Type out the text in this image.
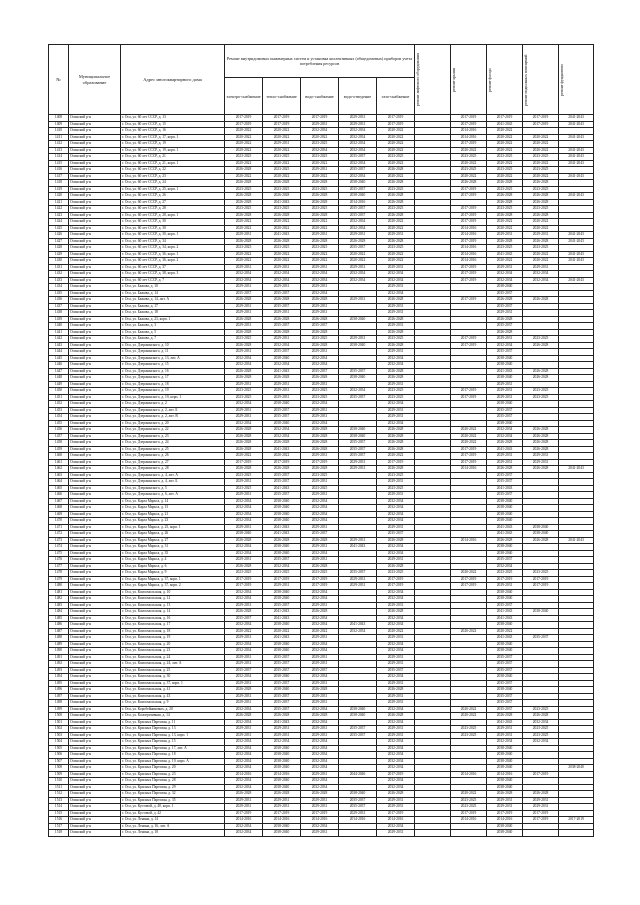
№	Муниципальное образование	Адрес многоквартирного дома	Ремонт внутридомовых инженерных систем и установка коллективных (общедомовых) приборов учета потребления ресурсов					ремонт лифтового оборудования	ремонт крыши	ремонт фасада	ремонт подвальных помещений	ремонт фундамента

			электро-снабжение	тепло-снабжение	водо-снабжение	водо-отведение	газо-снабжение					
1408	Осинский р-н	г. Оса, ул. 60 лет СССР, д. 13	2017-2019	2017-2019	2017-2019	2029-2031	2017-2019		2017-2019	2017-2019	2017-2019	2041-2043
1409	Осинский р-н	г. Оса, ул. 60 лет СССР, д. 15	2017-2019	2017-2019	2029-2031	2029-2031	2017-2019		2017-2019	2041-2043	2017-2019	2041-2043
1410	Осинский р-н	г. Оса, ул. 60 лет СССР, д. 16	2020-2022	2020-2022	2032-2034	2032-2034	2020-2022		2014-2016	2020-2022		
1411	Осинский р-н	г. Оса, ул. 60 лет СССР, д. 17, корп. 1	2020-2022	2020-2022	2020-2022	2032-2034	2020-2022		2014-2016	2020-2022	2020-2022	2041-2043
1412	Осинский р-н	г. Оса, ул. 60 лет СССР, д. 19	2020-2022	2029-2031	2023-2025	2032-2034	2020-2022		2017-2019	2020-2022	2020-2022	
1413	Осинский р-н	г. Оса, ул. 60 лет СССР, д. 19, корп. 1	2020-2022	2020-2022	2032-2034	2032-2034	2020-2022		2020-2022	2020-2022	2020-2022	2041-2043
1414	Осинский р-н	г. Оса, ул. 60 лет СССР, д. 21	2023-2025	2023-2025	2023-2025	2035-2037	2023-2025		2023-2025	2023-2025	2023-2025	2041-2043
1415	Осинский р-н	г. Оса, ул. 60 лет СССР, д. 21, корп. 1	2020-2022	2020-2022	2020-2022	2032-2034	2020-2022		2020-2022	2020-2022	2020-2022	2041-2043
1416	Осинский р-н	г. Оса, ул. 60 лет СССР, д. 22	2026-2028	2023-2025	2029-2031	2035-2037	2026-2028		2023-2025	2023-2025	2023-2025	
1417	Осинский р-н	г. Оса, ул. 60 лет СССР, д. 23	2020-2022	2020-2022	2020-2022	2032-2034	2020-2022		2020-2022	2020-2022	2020-2022	2041-2043
1418	Осинский р-н	г. Оса, ул. 60 лет СССР, д. 24	2026-2028	2026-2028	2026-2028	2038-2040	2026-2028		2026-2028	2026-2028	2026-2028	
1419	Осинский р-н	г. Оса, ул. 60 лет СССР, д. 25, корп. 1	2023-2025	2023-2025	2023-2025	2035-2037	2023-2025		2017-2019	2023-2025	2023-2025	
1420	Осинский р-н	г. Оса, ул. 60 лет СССР, д. 26	2026-2028	2026-2028	2026-2028	2038-2040	2026-2028		2017-2019	2026-2028	2026-2028	2041-2043
1421	Осинский р-н	г. Оса, ул. 60 лет СССР, д. 27	2026-2028	2041-2043	2026-2028	2014-2016	2026-2028			2026-2028	2026-2028	
1422	Осинский р-н	г. Оса, ул. 60 лет СССР, д. 28	2023-2025	2023-2025	2023-2025	2035-2037	2023-2025		2017-2019	2023-2025	2023-2025	
1423	Осинский р-н	г. Оса, ул. 60 лет СССР, д. 28, корп. 1	2026-2028	2026-2028	2026-2028	2035-2037	2026-2028		2017-2019	2026-2028	2026-2028	
1424	Осинский р-н	г. Оса, ул. 60 лет СССР, д. 30	2020-2022	2020-2022	2020-2022	2032-2034	2020-2022		2017-2019	2020-2022	2020-2022	
1425	Осинский р-н	г. Оса, ул. 60 лет СССР, д. 30	2020-2022	2020-2022	2020-2022	2032-2034	2020-2022		2014-2016	2020-2022	2020-2022	
1426	Осинский р-н	г. Оса, ул. 60 лет СССР, д. 30, корп. 1	2029-2031	2041-2043	2029-2031	2029-2031	2029-2031		2014-2016	2029-2031	2029-2031	2041-2043
1427	Осинский р-н	г. Оса, ул. 60 лет СССР, д. 34	2026-2028	2026-2028	2026-2028	2026-2028	2026-2028		2017-2019	2026-2028	2026-2028	2041-2043
1428	Осинский р-н	г. Оса, ул. 60 лет СССР, д. 34, корп. 2	2023-2025	2023-2025	2023-2025	2035-2037	2023-2025		2014-2016	2023-2025	2023-2025	
1429	Осинский р-н	г. Оса, ул. 60 лет СССР, д. 36, корп. 1	2020-2022	2020-2022	2020-2022	2020-2022	2020-2022		2014-2016	2041-2043	2020-2022	2041-2043
1430	Осинский р-н	г. Оса, ул. 60 лет СССР, д. 36, корп. 2	2020-2022	2020-2022	2020-2022	2020-2022	2020-2022		2014-2016	2020-2022	2020-2022	2041-2043
1431	Осинский р-н	г. Оса, ул. 60 лет СССР, д. 37	2029-2031	2029-2031	2029-2031	2029-2031	2029-2031		2017-2019	2029-2031	2029-2031	
1432	Осинский р-н	г. Оса, ул. 60 лет СССР, д. 38, корп. 3	2032-2034	2032-2034	2032-2034	2032-2034	2032-2034		2017-2019	2032-2034	2032-2034	
1433	Осинский р-н	г. Оса, ул. 60 лет СССР, д. 7	2032-2034	2032-2034	2032-2034	2032-2034	2032-2034		2017-2019	2032-2034	2032-2034	2041-2043
1434	Осинский р-н	г. Оса, ул. Бажова, д. 10	2029-2031	2029-2031	2029-2031		2029-2031			2038-2040		
1435	Осинский р-н	г. Оса, ул. Бажова, д. 14	2035-2037	2035-2037	2032-2034		2032-2034			2035-2037		
1436	Осинский р-н	г. Оса, ул. Бажова, д. 14, лит. А	2026-2028	2026-2028	2026-2028	2029-2031	2026-2028		2017-2019	2026-2028	2026-2028	
1437	Осинский р-н	г. Оса, ул. Бажова, д. 17	2029-2031	2035-2037	2029-2031		2029-2031			2035-2037		
1438	Осинский р-н	г. Оса, ул. Бажова, д. 18	2029-2031	2029-2031	2029-2031		2029-2031			2029-2031		
1439	Осинский р-н	г. Оса, ул. Бажова, д. 23, корп. 1	2026-2028	2026-2028	2026-2028	2038-2040	2026-2028			2026-2028		
1440	Осинский р-н	г. Оса, ул. Бажова, д. 3	2029-2031	2035-2037	2035-2037		2029-2031			2035-2037		
1441	Осинский р-н	г. Оса, ул. Бажова, д. 5	2026-2028	2026-2028	2026-2028		2026-2028			2026-2028		
1442	Осинский р-н	г. Оса, ул. Бажова, д. 7	2023-2025	2029-2031	2023-2025	2029-2031	2023-2025		2017-2019	2029-2031	2023-2025	
1443	Осинский р-н	г. Оса, ул. Дзержинского, д. 10	2026-2028	2032-2034	2026-2028	2038-2040	2026-2028		2017-2019	2032-2034	2026-2028	
1444	Осинский р-н	г. Оса, ул. Дзержинского, д. 11	2029-2031	2035-2037	2029-2031		2029-2031			2035-2037		
1445	Осинский р-н	г. Оса, ул. Дзержинского, д. 13, лит. А	2032-2034	2038-2040	2032-2034		2032-2034			2038-2040		
1446	Осинский р-н	г. Оса, ул. Дзержинского, д. 15	2032-2034	2032-2034	2032-2034		2032-2034			2038-2040		
1447	Осинский р-н	г. Оса, ул. Дзержинского, д. 16	2026-2028	2041-2043	2035-2037	2035-2037	2026-2028			2041-2043	2026-2028	
1448	Осинский р-н	г. Оса, ул. Дзержинского, д. 17	2026-2028	2026-2028	2026-2028	2038-2040	2026-2028			2038-2040	2026-2028	
1449	Осинский р-н	г. Оса, ул. Дзержинского, д. 18	2029-2031	2029-2031	2029-2031		2029-2031			2029-2031		
1450	Осинский р-н	г. Оса, ул. Дзержинского, д. 19	2023-2025	2029-2031	2023-2025	2032-2034	2023-2025		2017-2019	2029-2031	2023-2025	
1451	Осинский р-н	г. Оса, ул. Дзержинского, д. 19, корп. 1	2023-2025	2029-2031	2023-2025	2035-2037	2023-2025		2017-2019	2029-2031	2023-2025	
1452	Осинский р-н	г. Оса, ул. Дзержинского, д. 2	2032-2034	2038-2040	2032-2034		2032-2034			2038-2040		
1453	Осинский р-н	г. Оса, ул. Дзержинского, д. 2, лит. Б	2029-2031	2035-2037	2029-2031		2029-2031			2035-2037		
1454	Осинский р-н	г. Оса, ул. Дзержинского, д. 2, лит. В	2029-2031	2035-2037	2029-2031		2029-2031			2035-2037		
1455	Осинский р-н	г. Оса, ул. Дзержинского, д. 20	2032-2034	2038-2040	2032-2034		2032-2034			2038-2040		
1456	Осинский р-н	г. Оса, ул. Дзержинского, д. 22	2026-2028	2032-2034	2026-2028	2038-2040	2026-2028		2020-2022	2032-2034	2026-2028	
1457	Осинский р-н	г. Оса, ул. Дзержинского, д. 23	2026-2028	2032-2034	2026-2028	2038-2040	2026-2028		2020-2022	2032-2034	2026-2028	
1458	Осинский р-н	г. Оса, ул. Дзержинского, д. 24	2026-2028	2026-2028	2026-2028	2035-2037	2026-2028		2020-2022	2026-2028	2026-2028	
1459	Осинский р-н	г. Оса, ул. Дзержинского, д. 25	2026-2028	2041-2043	2026-2028	2035-2037	2026-2028		2017-2019	2041-2043	2026-2028	
1460	Осинский р-н	г. Оса, ул. Дзержинского, д. 26	2020-2022	2020-2022	2029-2031	2035-2037	2020-2022		2017-2019	2029-2031	2029-2031	
1461	Осинский р-н	г. Оса, ул. Дзержинского, д. 27	2017-2019	2017-2019	2017-2019	2029-2031	2017-2019		2017-2019	2029-2031	2029-2031	
1462	Осинский р-н	г. Оса, ул. Дзержинского, д. 28	2026-2028	2026-2028	2026-2028	2029-2031	2026-2028		2014-2016	2026-2028	2026-2028	2041-2043
1463	Осинский р-н	г. Оса, ул. Дзержинского, д. 4, лит. А	2023-2025	2035-2037	2023-2025		2023-2025			2035-2037		
1464	Осинский р-н	г. Оса, ул. Дзержинского, д. 4, лит. Б	2029-2031	2035-2037	2029-2031		2029-2031			2035-2037		
1465	Осинский р-н	г. Оса, ул. Дзержинского, д. 5	2023-2025	2041-2043	2023-2025		2023-2025			2041-2043		
1466	Осинский р-н	г. Оса, ул. Дзержинского, д. 6, лит. А	2029-2031	2035-2037	2029-2031		2029-2031			2035-2037		
1467	Осинский р-н	г. Оса, ул. Карла Маркса, д. 14	2032-2034	2038-2040	2032-2034		2032-2034			2038-2040		
1468	Осинский р-н	г. Оса, ул. Карла Маркса, д. 15	2032-2034	2038-2040	2032-2034		2032-2034			2038-2040		
1469	Осинский р-н	г. Оса, ул. Карла Маркса, д. 21	2032-2034	2038-2040	2032-2034		2032-2034			2038-2040		
1470	Осинский р-н	г. Оса, ул. Карла Маркса, д. 23	2032-2034	2038-2040	2032-2034		2032-2034			2038-2040		
1471	Осинский р-н	г. Оса, ул. Карла Маркса, д. 25, корп. 1	2029-2031	2041-2043	2029-2031		2029-2031			2041-2043	2038-2040	
1472	Осинский р-н	г. Оса, ул. Карла Маркса, д. 26	2038-2040	2041-2043	2035-2037		2035-2037			2041-2043	2038-2040	
1473	Осинский р-н	г. Оса, ул. Карла Маркса, д. 27	2026-2028	2026-2028	2026-2028	2029-2031	2026-2028		2014-2016	2026-2028	2026-2028	2041-2043
1474	Осинский р-н	г. Оса, ул. Карла Маркса, д. 31	2032-2034	2038-2040	2029-2031	2041-2043	2032-2034			2038-2040		
1475	Осинский р-н	г. Оса, ул. Карла Маркса, д. 35	2032-2034	2038-2040	2032-2034		2032-2034			2038-2040		
1476	Осинский р-н	г. Оса, ул. Карла Маркса, д. 4	2029-2031	2035-2037	2029-2031		2029-2031			2035-2037		
1477	Осинский р-н	г. Оса, ул. Карла Маркса, д. 6	2026-2028	2032-2034	2026-2028		2026-2028			2032-2034		
1478	Осинский р-н	г. Оса, ул. Карла Маркса, д. 9	2023-2025	2023-2025	2023-2025	2035-2037	2023-2025		2020-2022	2023-2025	2023-2025	
1479	Осинский р-н	г. Оса, ул. Карла Маркса, д. 37, корп. 1	2017-2019	2017-2019	2017-2019	2029-2031	2017-2019		2017-2019	2017-2019	2017-2019	
1480	Осинский р-н	г. Оса, ул. Карла Маркса, д. 37, корп. 2	2017-2019	2029-2031	2017-2019	2029-2031	2017-2019		2017-2019	2029-2031	2017-2019	
1481	Осинский р-н	г. Оса, ул. Комсомольская, д. 10	2032-2034	2038-2040	2032-2034		2032-2034			2038-2040		
1482	Осинский р-н	г. Оса, ул. Комсомольская, д. 12	2032-2034	2038-2040	2032-2034		2032-2034			2038-2040		
1483	Осинский р-н	г. Оса, ул. Комсомольская, д. 13	2029-2031	2035-2037	2029-2031		2029-2031			2035-2037		
1484	Осинский р-н	г. Оса, ул. Комсомольская, д. 14	2026-2028	2041-2043	2026-2028		2026-2028			2041-2043	2038-2040	
1485	Осинский р-н	г. Оса, ул. Комсомольская, д. 16	2035-2037	2041-2043	2032-2034		2032-2034			2041-2043		
1486	Осинский р-н	г. Оса, ул. Комсомольская, д. 17	2032-2034	2038-2040	2032-2034	2041-2043	2032-2034			2038-2040		
1487	Осинский р-н	г. Оса, ул. Комсомольская, д. 18	2020-2022	2020-2022	2020-2022	2032-2034	2020-2022		2020-2022	2020-2022		
1488	Осинский р-н	г. Оса, ул. Комсомольская, д. 19	2029-2031	2041-2043	2029-2031		2029-2031			2041-2043	2035-2037	
1489	Осинский р-н	г. Оса, ул. Комсомольская, д. 20	2032-2034	2038-2040	2032-2034		2032-2034			2038-2040		
1490	Осинский р-н	г. Оса, ул. Комсомольская, д. 23	2032-2034	2038-2040	2032-2034		2032-2034			2038-2040		
1491	Осинский р-н	г. Оса, ул. Комсомольская, д. 24	2029-2031	2035-2037	2029-2031		2029-2031			2035-2037		
1492	Осинский р-н	г. Оса, ул. Комсомольская, д. 24, лит. А	2029-2031	2035-2037	2029-2031		2029-2031			2035-2037		
1493	Осинский р-н	г. Оса, ул. Комсомольская, д. 25	2035-2037	2035-2037	2035-2037		2035-2037			2035-2037		
1494	Осинский р-н	г. Оса, ул. Комсомольская, д. 30	2032-2034	2038-2040	2032-2034		2032-2034			2038-2040		
1495	Осинский р-н	г. Оса, ул. Комсомольская, д. 37, корп. 1	2029-2031	2035-2037	2029-2031		2029-2031			2035-2037		
1496	Осинский р-н	г. Оса, ул. Комсомольская, д. 41	2026-2028	2038-2040	2026-2028		2026-2028			2038-2040		
1497	Осинский р-н	г. Оса, ул. Комсомольская, д. 43	2029-2031	2035-2037	2029-2031		2029-2031			2035-2037		
1498	Осинский р-н	г. Оса, ул. Комсомольская, д. 9	2029-2031	2035-2037	2029-2031		2029-2031			2035-2037		
1499	Осинский р-н	г. Оса, ул. Коробейниковых, д. 20	2032-2034	2035-2037	2032-2034	2038-2040	2032-2034		2020-2022	2035-2037	2023-2025	
1500	Осинский р-н	г. Оса, ул. Кооперативная, д. 14	2026-2028	2026-2028	2026-2028	2038-2040	2026-2028		2020-2022	2026-2028	2026-2028	
1501	Осинский р-н	г. Оса, ул. Красных Партизан, д. 11	2032-2034	2041-2043	2032-2034		2032-2034			2041-2043	2032-2034	
1502	Осинский р-н	г. Оса, ул. Красных Партизан, д. 13	2029-2031	2029-2031	2029-2031	2035-2037	2029-2031		2023-2025	2029-2031	2023-2025	
1503	Осинский р-н	г. Оса, ул. Красных Партизан, д. 13, корп. 1	2029-2031	2029-2031	2029-2031	2035-2037	2029-2031		2023-2025	2029-2031	2023-2025	
1504	Осинский р-н	г. Оса, ул. Красных Партизан, д. 15	2032-2034	2032-2034	2032-2034		2032-2034			2032-2034	2032-2034	
1505	Осинский р-н	г. Оса, ул. Красных Партизан, д. 17, лит. А	2032-2034	2038-2040	2032-2034		2032-2034			2038-2040		
1506	Осинский р-н	г. Оса, ул. Красных Партизан, д. 18	2032-2034	2038-2040	2032-2034		2032-2034			2038-2040		
1507	Осинский р-н	г. Оса, ул. Красных Партизан, д. 19, корп. А	2032-2034	2038-2040	2032-2034		2032-2034			2038-2040		
1508	Осинский р-н	г. Оса, ул. Красных Партизан, д. 20	2032-2034	2038-2040	2032-2034		2032-2034			2038-2040		2038-2040
1509	Осинский р-н	г. Оса, ул. Красных Партизан, д. 23	2014-2016	2014-2016	2029-2031	2044-2046	2017-2019		2014-2016	2014-2016	2017-2019	
1510	Осинский р-н	г. Оса, ул. Красных Партизан, д. 28	2032-2034	2038-2040	2032-2034		2032-2034			2038-2040		
1511	Осинский р-н	г. Оса, ул. Красных Партизан, д. 29	2032-2034	2038-2040	2032-2034		2032-2034			2038-2040		
1512	Осинский р-н	г. Оса, ул. Красных Партизан, д. 32	2026-2028	2026-2028	2026-2028	2038-2040	2026-2028		2020-2022	2026-2028	2026-2028	
1513	Осинский р-н	г. Оса, ул. Красных Партизан, д. 35	2029-2031	2029-2031	2029-2031	2035-2037	2029-2031		2023-2025	2029-2031	2029-2031	
1514	Осинский р-н	г. Оса, ул. Кустовой, д. 40, корп. 1	2029-2031	2029-2031	2029-2031	2035-2037	2029-2031		2023-2025	2029-2031	2029-2031	
1515	Осинский р-н	г. Оса, ул. Кустовой, д. 42	2017-2019	2017-2019	2017-2019	2029-2031	2017-2019		2017-2019	2017-2019	2017-2019	
1516	Осинский р-н	г. Оса, ул. Ленина, д. 14	2014-2016	2014-2016	2014-2016	2014-2016	2014-2016		2014-2016	2014-2016	2017-2019	2017-2019
1517	Осинский р-н	г. Оса, ул. Ленина, д. 16, лит. А	2032-2034	2038-2040	2032-2034		2032-2034			2038-2040		
1518	Осинский р-н	г. Оса, ул. Ленина, д. 18	2032-2034	2038-2040	2029-2031		2029-2031			2038-2040		
